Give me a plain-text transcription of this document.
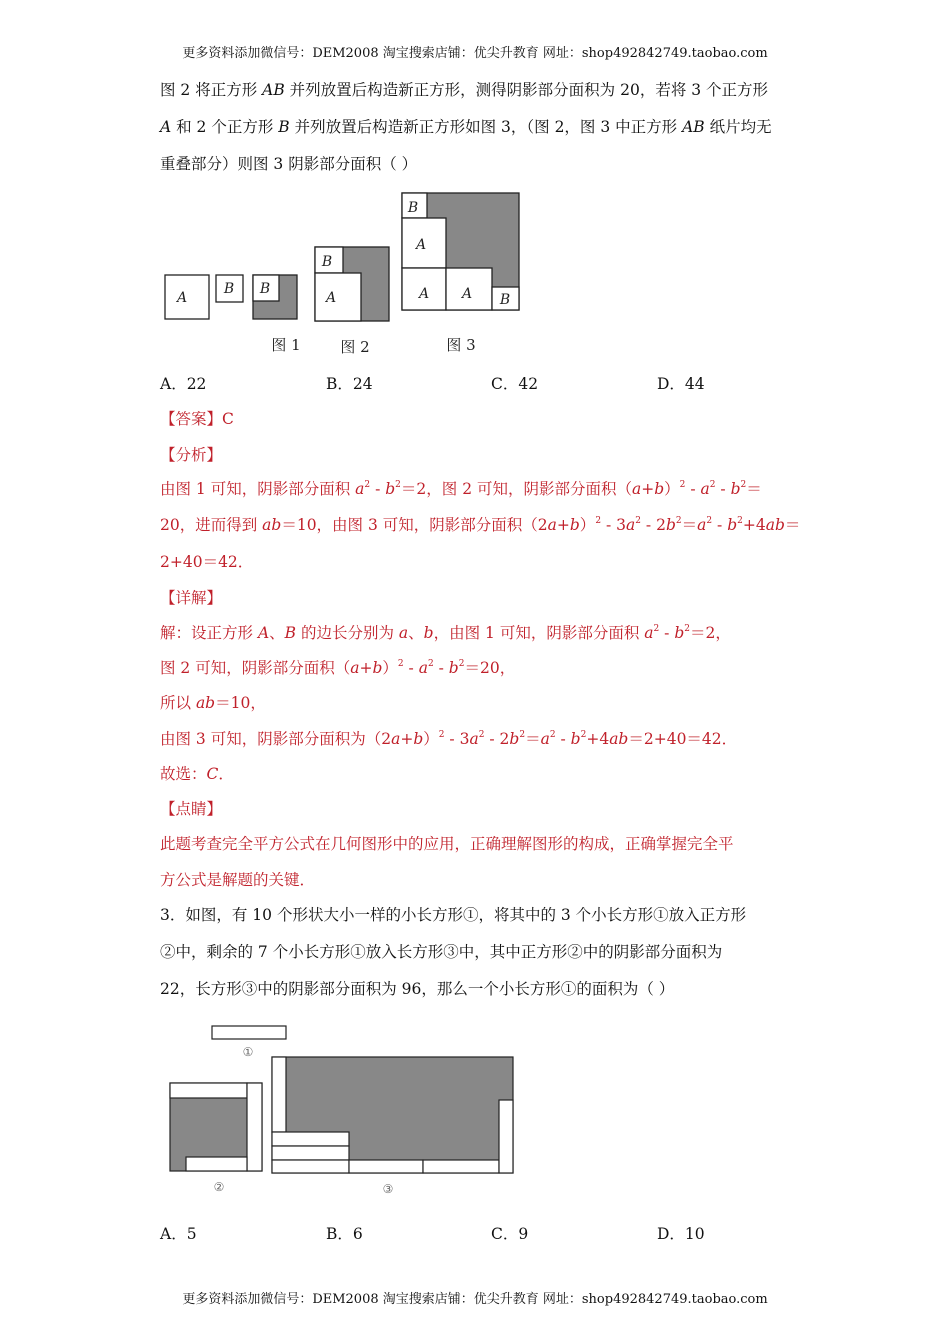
更多资料添加微信号：DEM2008 淘宝搜索店铺：优尖升教育 网址：shop492842749.taobao.com
图 2 将正方形 AB 并列放置后构造新正方形，测得阴影部分面积为 20，若将 3 个正方形
A 和 2 个正方形 B 并列放置后构造新正方形如图 3，（图 2，图 3 中正方形 AB 纸片均无
重叠部分）则图 3 阴影部分面积（ ）
A
B B
B
A
B
A
A A B
图 1	图 2	图 3
A．22	B．24	C．42	D．44
【答案】C
【分析】
由图 1 可知，阴影部分面积 $a^2 - b^2=2$，图 2 可知，阴影部分面积$(a+b)^2 - a^2 - b^2=$
20，进而得到 ab＝10，由图 3 可知，阴影部分面积$(2a+b)^2 - 3a^2 - 2b^2=a^2 - b^2+4ab=$
2+40＝42．
【详解】
解：设正方形 A、B 的边长分别为 a、b，由图 1 可知，阴影部分面积 $a^2 - b^2=2$，
图 2 可知，阴影部分面积$(a+b)^2 - a^2 - b^2=20$，
所以 ab＝10，
由图 3 可知，阴影部分面积为$(2a+b)^2 - 3a^2 - 2b^2=a^2 - b^2+4ab=2+40=42$．
故选：C．
【点睛】
此题考查完全平方公式在几何图形中的应用，正确理解图形的构成，正确掌握完全平
方公式是解题的关键．
3．如图，有 10 个形状大小一样的小长方形①，将其中的 3 个小长方形①放入正方形
②中，剩余的 7 个小长方形①放入长方形③中，其中正方形②中的阴影部分面积为
22，长方形③中的阴影部分面积为 96，那么一个小长方形①的面积为（ ）
①
②	③
A．5	B．6	C．9	D．10
更多资料添加微信号：DEM2008 淘宝搜索店铺：优尖升教育 网址：shop492842749.taobao.com
